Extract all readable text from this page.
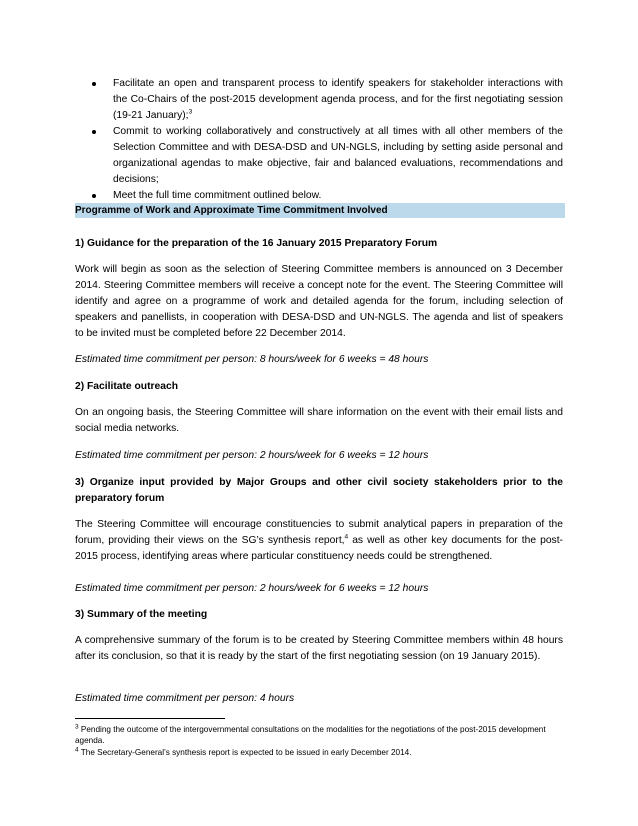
Facilitate an open and transparent process to identify speakers for stakeholder interactions with the Co-Chairs of the post-2015 development agenda process, and for the first negotiating session (19-21 January);$^3$
Commit to working collaboratively and constructively at all times with all other members of the Selection Committee and with DESA-DSD and UN-NGLS, including by setting aside personal and organizational agendas to make objective, fair and balanced evaluations, recommendations and decisions;
Meet the full time commitment outlined below.
Programme of Work and Approximate Time Commitment Involved
1) Guidance for the preparation of the 16 January 2015 Preparatory Forum
Work will begin as soon as the selection of Steering Committee members is announced on 3 December 2014. Steering Committee members will receive a concept note for the event. The Steering Committee will identify and agree on a programme of work and detailed agenda for the forum, including selection of speakers and panellists, in cooperation with DESA-DSD and UN-NGLS. The agenda and list of speakers to be invited must be completed before 22 December 2014.
Estimated time commitment per person: 8 hours/week for 6 weeks = 48 hours
2) Facilitate outreach
On an ongoing basis, the Steering Committee will share information on the event with their email lists and social media networks.
Estimated time commitment per person: 2 hours/week for 6 weeks = 12 hours
3) Organize input provided by Major Groups and other civil society stakeholders prior to the preparatory forum
The Steering Committee will encourage constituencies to submit analytical papers in preparation of the forum, providing their views on the SG’s synthesis report,$^4$ as well as other key documents for the post-2015 process, identifying areas where particular constituency needs could be strengthened.
Estimated time commitment per person: 2 hours/week for 6 weeks = 12 hours
3) Summary of the meeting
A comprehensive summary of the forum is to be created by Steering Committee members within 48 hours after its conclusion, so that it is ready by the start of the first negotiating session (on 19 January 2015).
Estimated time commitment per person: 4 hours
$^3$ Pending the outcome of the intergovernmental consultations on the modalities for the negotiations of the post-2015 development agenda.
$^4$ The Secretary-General’s synthesis report is expected to be issued in early December 2014.
